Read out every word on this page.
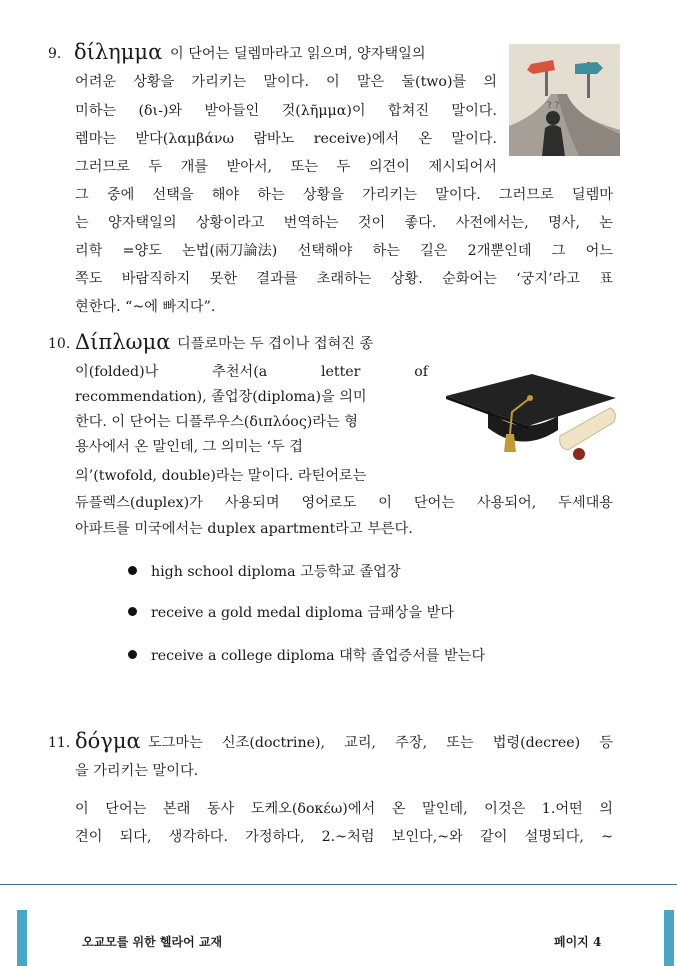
9. δίλημμα 이 단어는 딜렘마라고 읽으며, 양자택일의
어려운 상황을 가리키는 말이다. 이 말은 둘(two)를 의
미하는 (δι-)와 받아들인 것(λῆμμα)이 합쳐진 말이다.
렘마는 받다(λαμβάνω 람바노 receive)에서 온 말이다.
그러므로 두 개를 받아서, 또는 두 의견이 제시되어서
그 중에 선택을 해야 하는 상황을 가리키는 말이다. 그러므로 딜렘마
는 양자택일의 상황이라고 번역하는 것이 좋다. 사전에서는, 명사, 논
리학 =양도 논법(兩刀論法) 선택해야 하는 길은 2개뿐인데 그 어느
쪽도 바람직하지 못한 결과를 초래하는 상황. 순화어는 ‘궁지’라고 표
현한다. “~에 빠지다”.
? ?
10. Δίπλωμα 디플로마는 두 겹이나 접혀진 종
이(folded)나	추천서(a	letter	of
recommendation), 졸업장(diploma)을 의미
한다. 이 단어는 디플루우스(διπλόος)라는 형
용사에서 온 말인데, 그 의미는 ‘두 겹
의’(twofold, double)라는 말이다. 라틴어로는
듀플렉스(duplex)가 사용되며 영어로도 이 단어는 사용되어, 두세대용
아파트를 미국에서는 duplex apartment라고 부른다.
high school diploma 고등학교 졸업장
receive a gold medal diploma 금패상을 받다
receive a college diploma 대학 졸업증서를 받는다
11. δόγμα 도그마는 신조(doctrine), 교리, 주장, 또는 법령(decree) 등
을 가리키는 말이다.
이 단어는 본래 동사 도케오(δοκέω)에서 온 말인데, 이것은 1.어떤 의
견이 되다, 생각하다. 가정하다, 2.~처럼 보인다,~와 같이 설명되다, ~
오교모를 위한 헬라어 교재	페이지 4
